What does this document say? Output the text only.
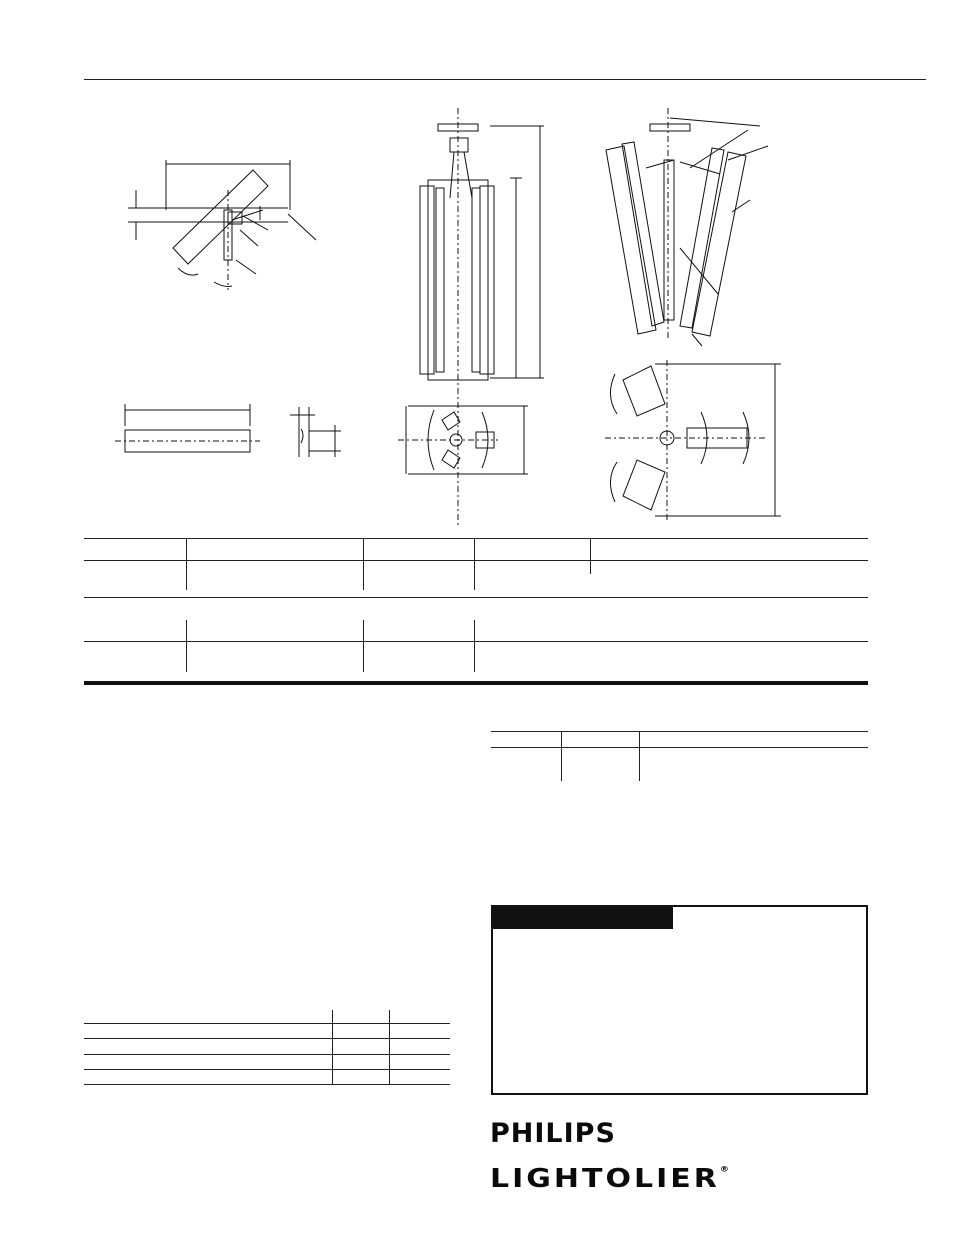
PHILIPS
LIGHTOLIER®
